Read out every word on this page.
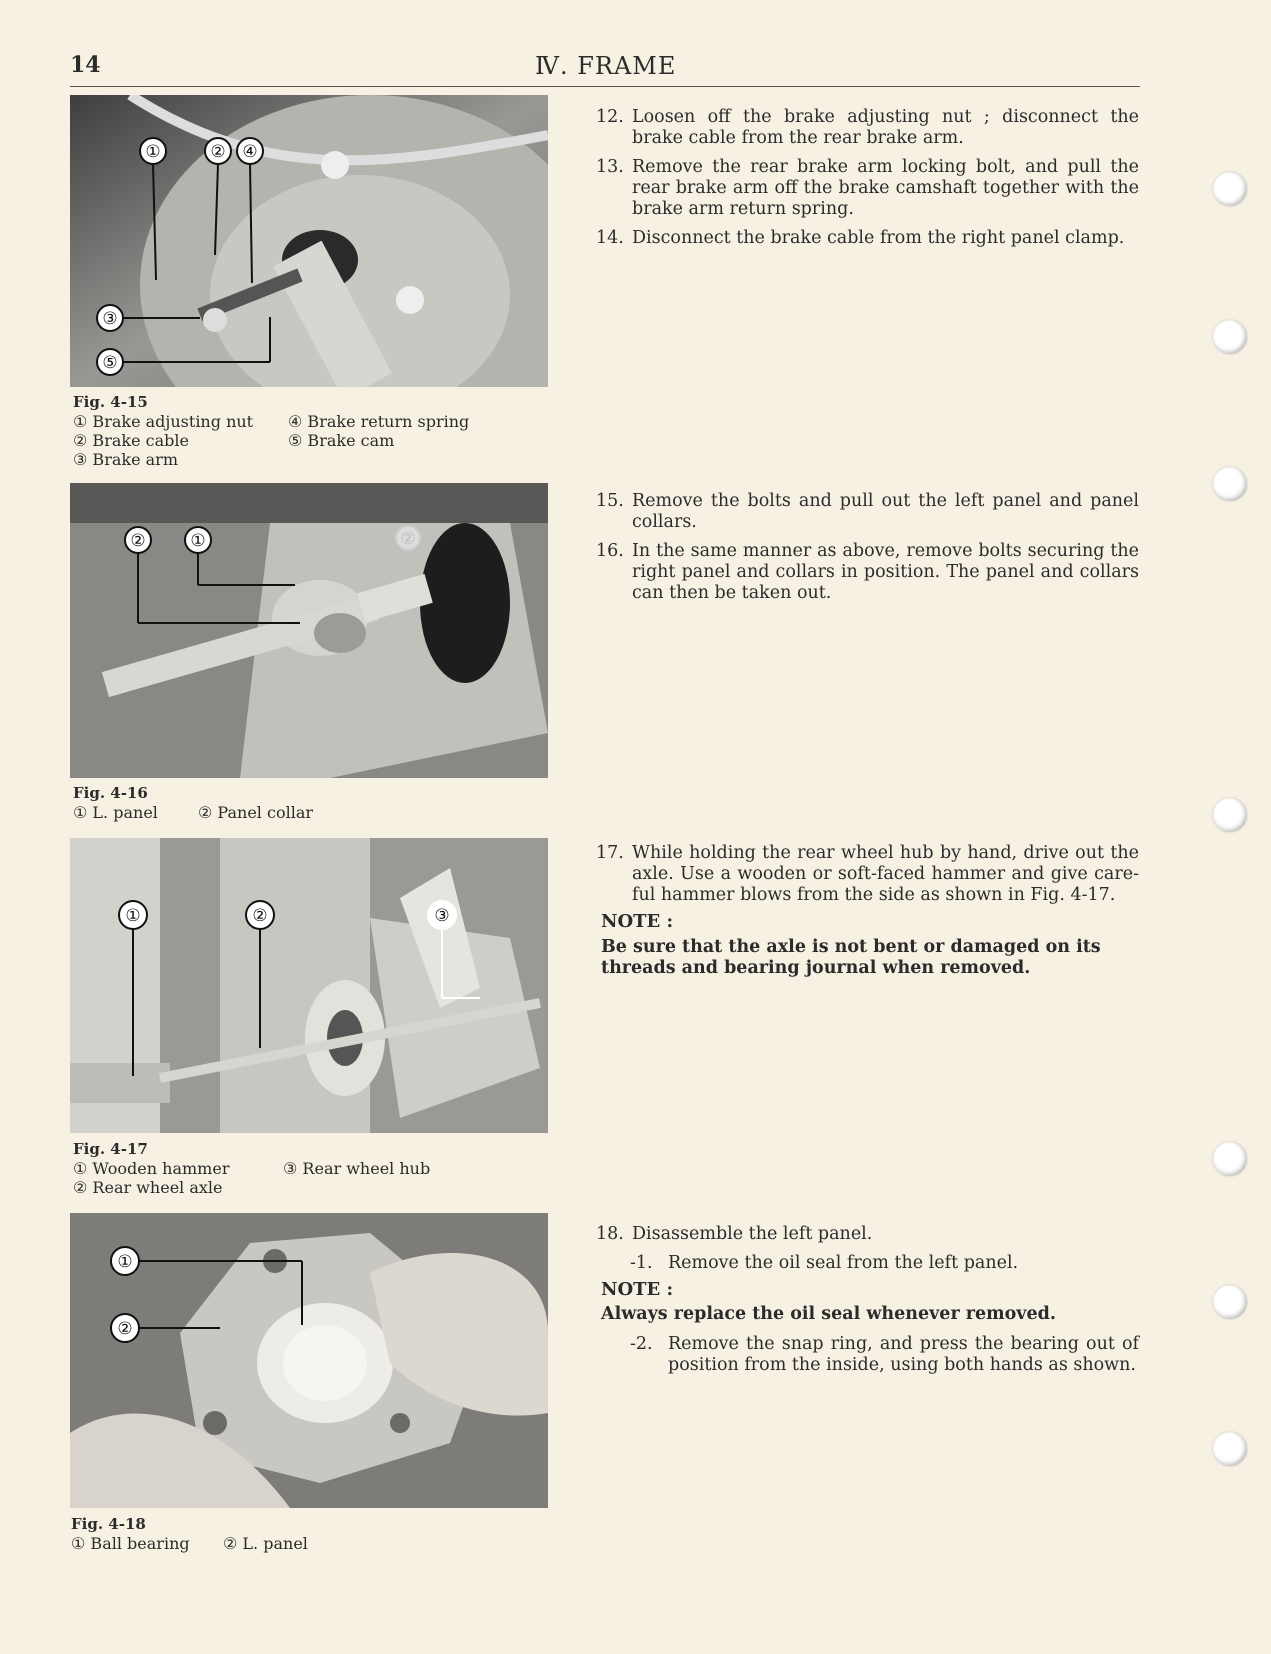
14	Ⅳ. FRAME
①	② ④
③
⑤
Fig. 4-15
① Brake adjusting nut
② Brake cable
③ Brake arm
④ Brake return spring
⑤ Brake cam
②	①	②
Fig. 4-16
① L. panel	② Panel collar
①	②	③
Fig. 4-17
① Wooden hammer
② Rear wheel axle
③ Rear wheel hub
①
②
Fig. 4-18
① Ball bearing	② L. panel
12. Loosen off the brake adjusting nut ; disconnect the brake cable from the rear brake arm.
13. Remove the rear brake arm locking bolt, and pull the rear brake arm off the brake camshaft together with the brake arm return spring.
14. Disconnect the brake cable from the right panel clamp.
15. Remove the bolts and pull out the left panel and panel collars.
16. In the same manner as above, remove bolts securing the right panel and collars in position. The panel and collars can then be taken out.
17. While holding the rear wheel hub by hand, drive out the axle. Use a wooden or soft-faced hammer and give care-ful hammer blows from the side as shown in Fig. 4-17.
NOTE :
Be sure that the axle is not bent or damaged on its threads and bearing journal when removed.
18. Disassemble the left panel.
-1. Remove the oil seal from the left panel.
NOTE :
Always replace the oil seal whenever removed.
-2. Remove the snap ring, and press the bearing out of position from the inside, using both hands as shown.
